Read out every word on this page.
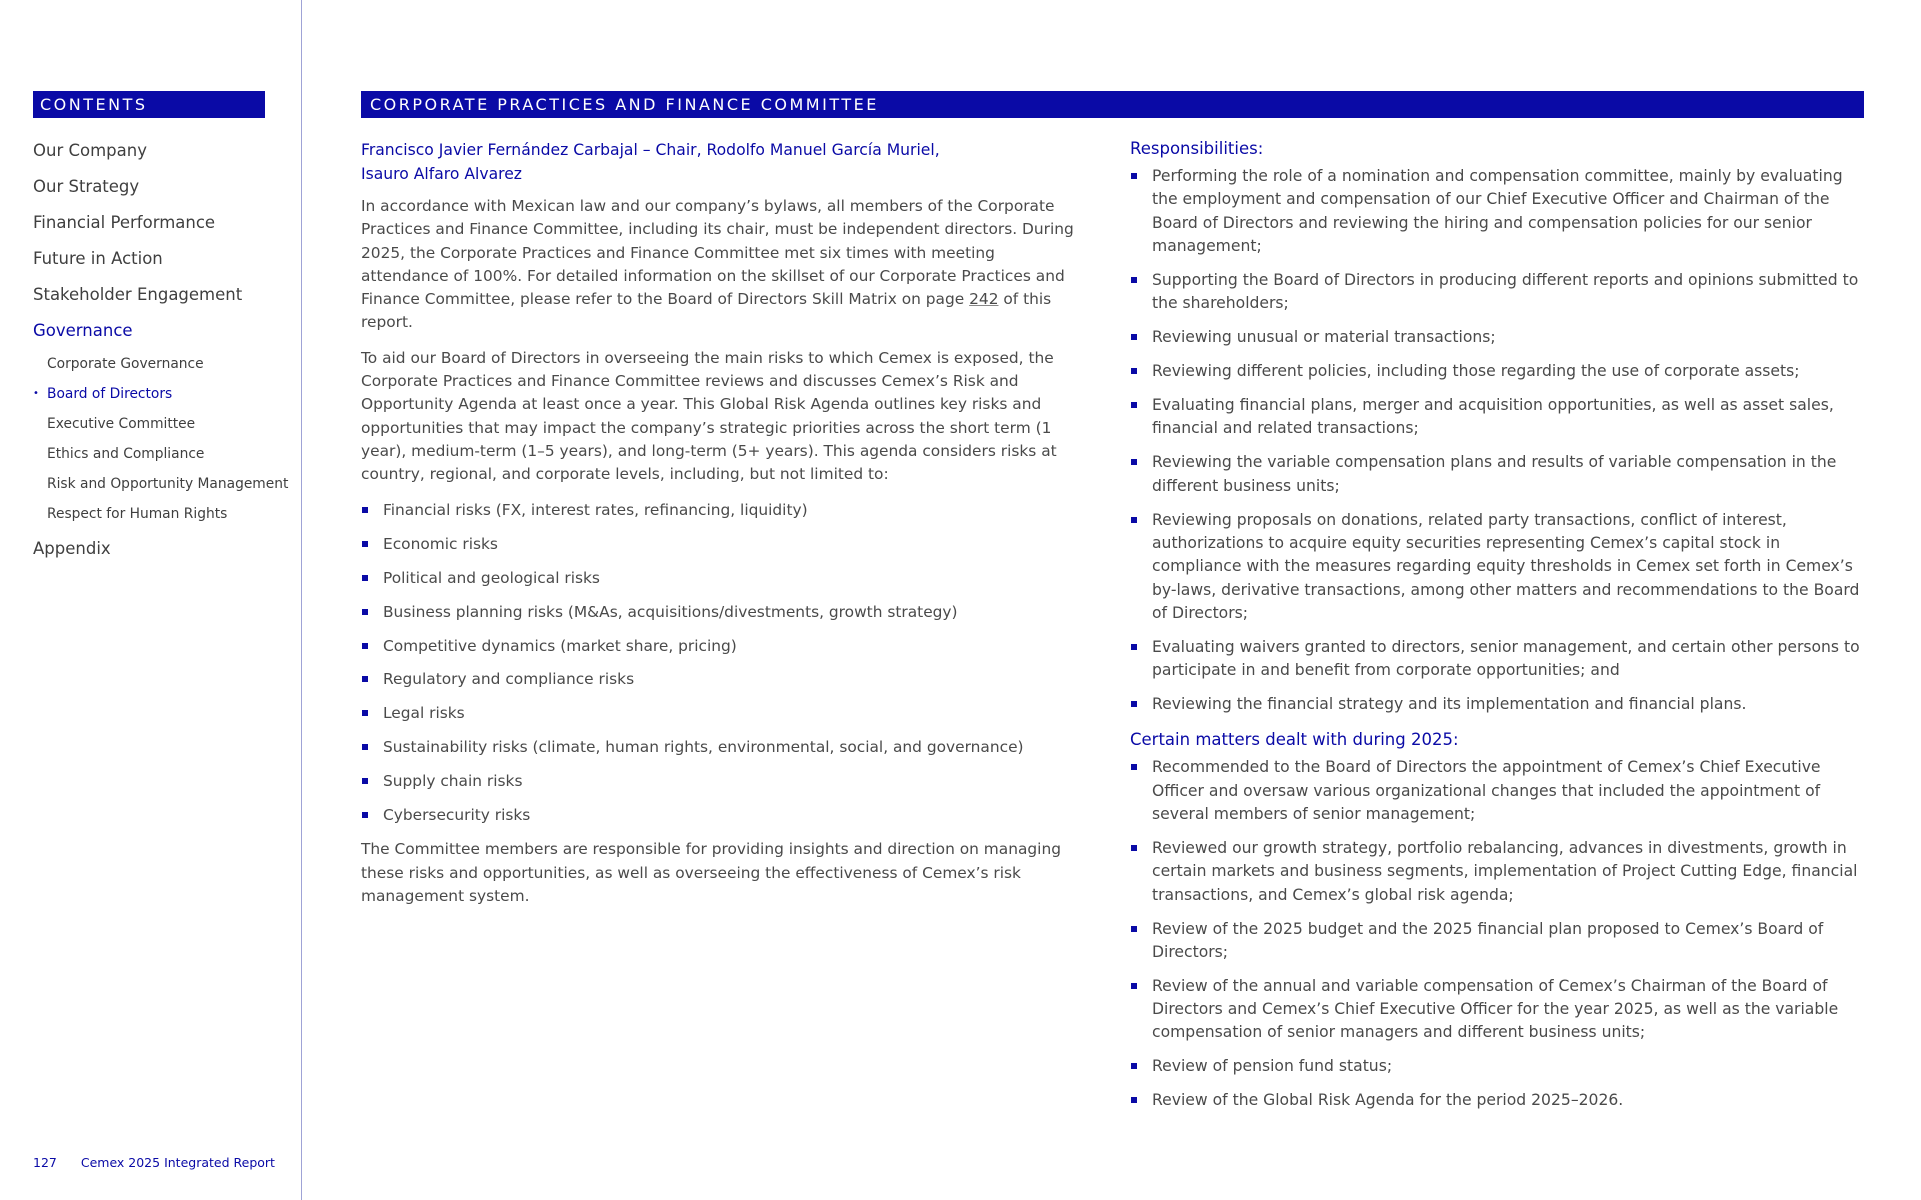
CONTENTS
Our Company
Our Strategy
Financial Performance
Future in Action
Stakeholder Engagement
Governance
Corporate Governance
• Board of Directors
Executive Committee
Ethics and Compliance
Risk and Opportunity Management
Respect for Human Rights
Appendix
127 Cemex 2025 Integrated Report
CORPORATE PRACTICES AND FINANCE COMMITTEE
Francisco Javier Fernández Carbajal – Chair, Rodolfo Manuel García Muriel,
Isauro Alfaro Alvarez

In accordance with Mexican law and our company’s bylaws, all members of the Corporate Practices and Finance Committee, including its chair, must be independent directors. During 2025, the Corporate Practices and Finance Committee met six times with meeting attendance of 100%. For detailed information on the skillset of our Corporate Practices and Finance Committee, please refer to the Board of Directors Skill Matrix on page 242 of this report.

To aid our Board of Directors in overseeing the main risks to which Cemex is exposed, the Corporate Practices and Finance Committee reviews and discusses Cemex’s Risk and Opportunity Agenda at least once a year. This Global Risk Agenda outlines key risks and opportunities that may impact the company’s strategic priorities across the short term (1 year), medium-term (1–5 years), and long-term (5+ years). This agenda considers risks at country, regional, and corporate levels, including, but not limited to:

Financial risks (FX, interest rates, refinancing, liquidity)
Economic risks
Political and geological risks
Business planning risks (M&As, acquisitions/divestments, growth strategy)
Competitive dynamics (market share, pricing)
Regulatory and compliance risks
Legal risks
Sustainability risks (climate, human rights, environmental, social, and governance)
Supply chain risks
Cybersecurity risks

The Committee members are responsible for providing insights and direction on managing these risks and opportunities, as well as overseeing the effectiveness of Cemex’s risk management system.

Responsibilities:
Performing the role of a nomination and compensation committee, mainly by evaluating the employment and compensation of our Chief Executive Officer and Chairman of the Board of Directors and reviewing the hiring and compensation policies for our senior management;
Supporting the Board of Directors in producing different reports and opinions submitted to the shareholders;
Reviewing unusual or material transactions;
Reviewing different policies, including those regarding the use of corporate assets;
Evaluating financial plans, merger and acquisition opportunities, as well as asset sales, financial and related transactions;
Reviewing the variable compensation plans and results of variable compensation in the different business units;
Reviewing proposals on donations, related party transactions, conflict of interest, authorizations to acquire equity securities representing Cemex’s capital stock in compliance with the measures regarding equity thresholds in Cemex set forth in Cemex’s by-laws, derivative transactions, among other matters and recommendations to the Board of Directors;
Evaluating waivers granted to directors, senior management, and certain other persons to participate in and benefit from corporate opportunities; and
Reviewing the financial strategy and its implementation and financial plans.
Certain matters dealt with during 2025:
Recommended to the Board of Directors the appointment of Cemex’s Chief Executive Officer and oversaw various organizational changes that included the appointment of several members of senior management;
Reviewed our growth strategy, portfolio rebalancing, advances in divestments, growth in certain markets and business segments, implementation of Project Cutting Edge, financial transactions, and Cemex’s global risk agenda;
Review of the 2025 budget and the 2025 financial plan proposed to Cemex’s Board of Directors;
Review of the annual and variable compensation of Cemex’s Chairman of the Board of Directors and Cemex’s Chief Executive Officer for the year 2025, as well as the variable compensation of senior managers and different business units;
Review of pension fund status;
Review of the Global Risk Agenda for the period 2025–2026.
